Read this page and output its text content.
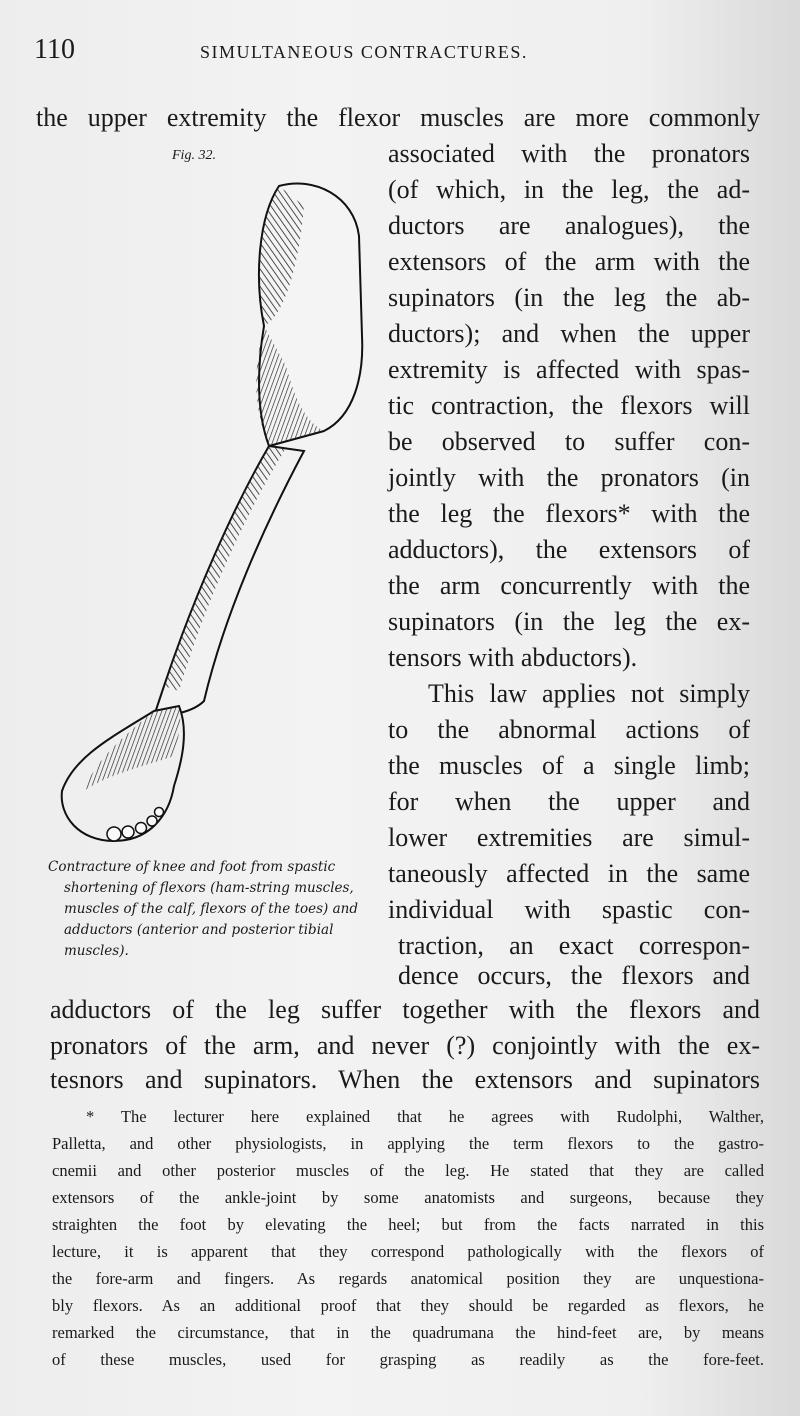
110	SIMULTANEOUS CONTRACTURES.
the upper extremity the flexor muscles are more commonly
Fig. 32.	associated with the pronators
(of which, in the leg, the ad-
ductors are analogues), the
extensors of the arm with the
supinators (in the leg the ab-
ductors); and when the upper
extremity is affected with spas-
tic contraction, the flexors will
be observed to suffer con-
jointly with the pronators (in
the leg the flexors* with the
adductors), the extensors of
the arm concurrently with the
supinators (in the leg the ex-
tensors with abductors).
This law applies not simply
to the abnormal actions of
the muscles of a single limb;
for when the upper and
lower extremities are simul-
taneously affected in the same
individual with spastic con-
traction, an exact correspon-
dence occurs, the flexors and
Contracture of knee and foot from spastic
shortening of flexors (ham-string muscles,
muscles of the calf, flexors of the toes) and
adductors (anterior and posterior tibial
muscles).
adductors of the leg suffer together with the flexors and
pronators of the arm, and never (?) conjointly with the ex-
tesnors and supinators. When the extensors and supinators
* The lecturer here explained that he agrees with Rudolphi, Walther,
Palletta, and other physiologists, in applying the term flexors to the gastro-
cnemii and other posterior muscles of the leg. He stated that they are called
extensors of the ankle-joint by some anatomists and surgeons, because they
straighten the foot by elevating the heel; but from the facts narrated in this
lecture, it is apparent that they correspond pathologically with the flexors of
the fore-arm and fingers. As regards anatomical position they are unquestiona-
bly flexors. As an additional proof that they should be regarded as flexors, he
remarked the circumstance, that in the quadrumana the hind-feet are, by means
of these muscles, used for grasping as readily as the fore-feet.
